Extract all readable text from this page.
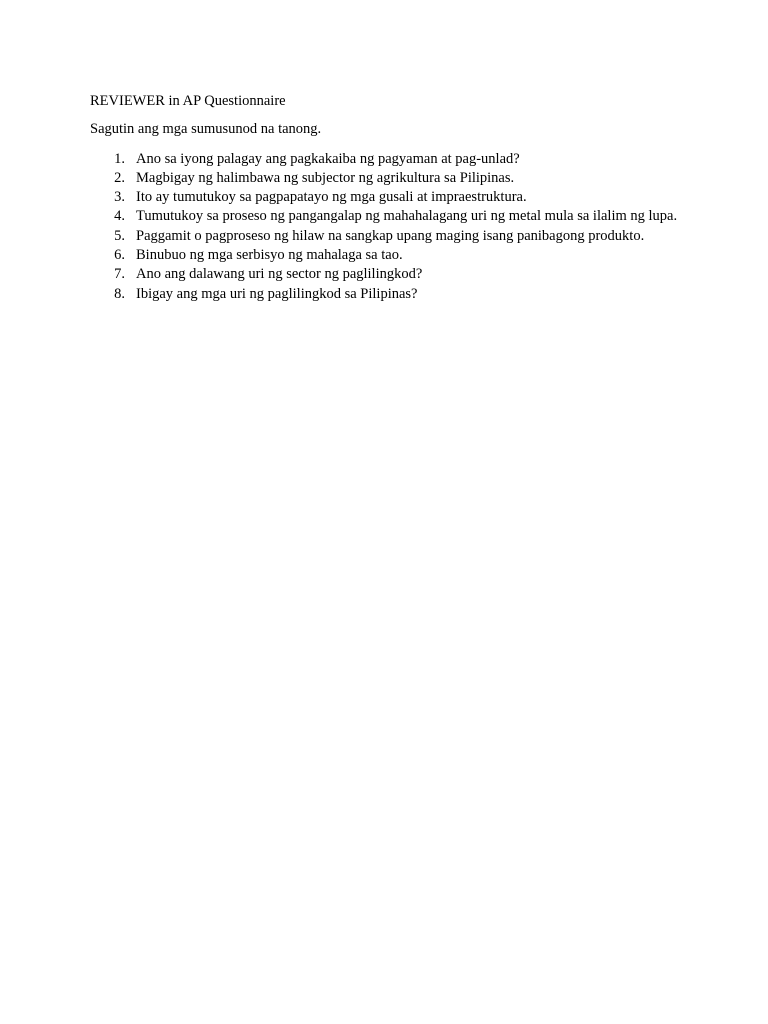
REVIEWER in AP Questionnaire

Sagutin ang mga sumusunod na tanong.

1. Ano sa iyong palagay ang pagkakaiba ng pagyaman at pag-unlad?
2. Magbigay ng halimbawa ng subjector ng agrikultura sa Pilipinas.
3. Ito ay tumutukoy sa pagpapatayo ng mga gusali at impraestruktura.
4. Tumutukoy sa proseso ng pangangalap ng mahahalagang uri ng metal mula sa ilalim ng lupa.
5. Paggamit o pagproseso ng hilaw na sangkap upang maging isang panibagong produkto.
6. Binubuo ng mga serbisyo ng mahalaga sa tao.
7. Ano ang dalawang uri ng sector ng paglilingkod?
8. Ibigay ang mga uri ng paglilingkod sa Pilipinas?
